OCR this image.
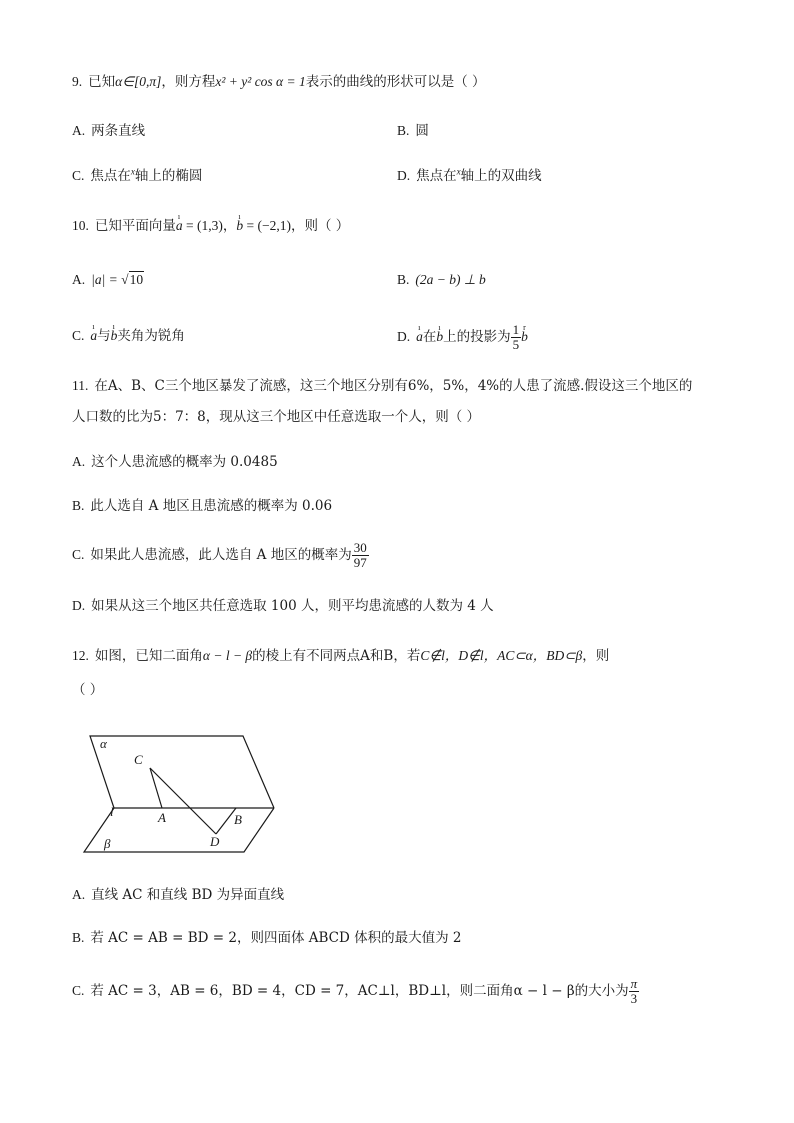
9. 已知α∈[0,π]，则方程x² + y² cos α = 1表示的曲线的形状可以是（ ）
A. 两条直线	B. 圆
C. 焦点在$^x$轴上的椭圆	D. 焦点在$^x$轴上的双曲线
10. 已知平面向量ı a = (1,3)，ı b = (−2,1)，则（ ）
A. |a| = √10	B. (2a − b) ⊥ b
C. ı a与ı b夹角为锐角	D. ı a在ı b上的投影为 $\frac{1}{5}$ r b
11. 在A、B、C三个地区暴发了流感，这三个地区分别有6%，5%，4%的人患了流感.假设这三个地区的
人口数的比为5：7：8，现从这三个地区中任意选取一个人，则（ ）
A. 这个人患流感的概率为 0.0485
B. 此人选自 A 地区且患流感的概率为 0.06
C. 如果此人患流感，此人选自 A 地区的概率为 $\frac{30}{97}$
D. 如果从这三个地区共任意选取 100 人，则平均患流感的人数为 4 人
12. 如图，已知二面角α − l − β的棱上有不同两点A和B，若C∉l，D∉l，AC⊂α，BD⊂β，则
（ ）
α
C
l	A	B
D
β
A. 直线 AC 和直线 BD 为异面直线
B. 若 AC = AB = BD = 2，则四面体 ABCD 体积的最大值为 2
C. 若 AC = 3，AB = 6，BD = 4，CD = 7，AC⊥l，BD⊥l，则二面角α − l − β的大小为 $\frac{\pi}{3}$
